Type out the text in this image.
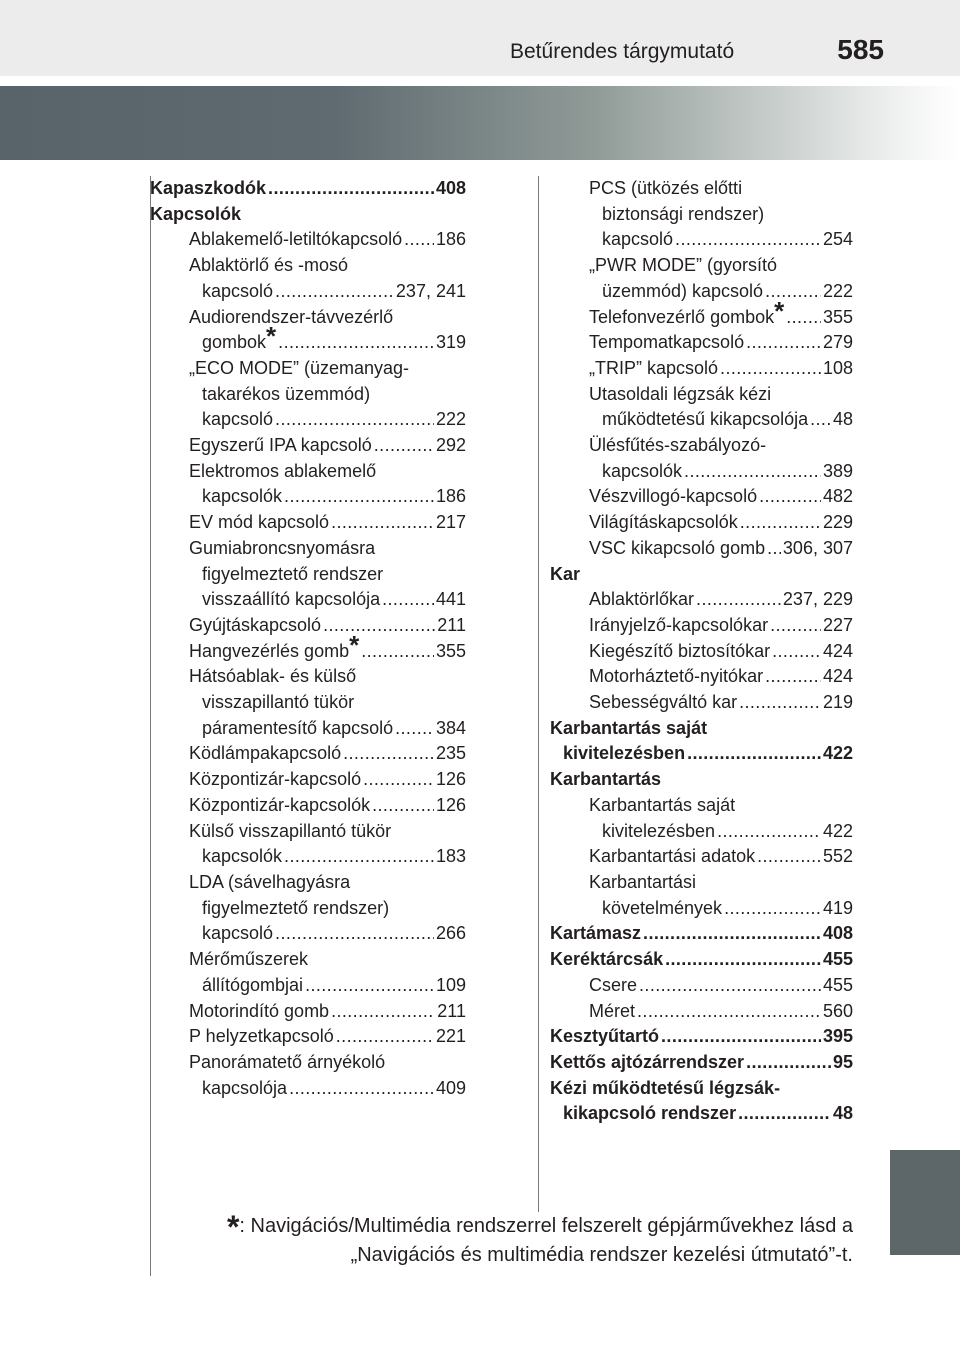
Betűrendes tárgymutató	585
Kapaszkodók .....	408
Kapcsolók
Ablakemelő-letiltókapcsoló ..... 186
Ablaktörlő és -mosó
kapcsoló .....	237, 241
Audiorendszer-távvezérlő
gombok* .....	319
„ECO MODE” (üzemanyag-
takarékos üzemmód)
kapcsoló .....	222
Egyszerű IPA kapcsoló .....	292
Elektromos ablakemelő
kapcsolók .....	186
EV mód kapcsoló .....	217
Gumiabroncsnyomásra
figyelmeztető rendszer
visszaállító kapcsolója .....	441
Gyújtáskapcsoló .....	211
Hangvezérlés gomb* .....	355
Hátsóablak- és külső
visszapillantó tükör
páramentesítő kapcsoló ..... 384
Ködlámpakapcsoló .....	235
Központizár-kapcsoló .....	126
Központizár-kapcsolók .....	126
Külső visszapillantó tükör
kapcsolók .....	183
LDA (sávelhagyásra
figyelmeztető rendszer)
kapcsoló .....	266
Mérőműszerek
állítógombjai .....	109
Motorindító gomb .....	211
P helyzetkapcsoló .....	221
Panorámatető árnyékoló
kapcsolója .....	409
PCS (ütközés előtti
biztonsági rendszer)
kapcsoló .....	254
„PWR MODE” (gyorsító
üzemmód) kapcsoló .....	222
Telefonvezérlő gombok* ..... 355
Tempomatkapcsoló .....	279
„TRIP” kapcsoló .....	108
Utasoldali légzsák kézi
működtetésű kikapcsolója ..... 48
Ülésfűtés-szabályozó-
kapcsolók .....	389
Vészvillogó-kapcsoló .....	482
Világításkapcsolók .....	229
VSC kikapcsoló gomb ..... 306, 307
Kar
Ablaktörlőkar .....	237, 229
Irányjelző-kapcsolókar .....	227
Kiegészítő biztosítókar .....	424
Motorháztető-nyitókar .....	424
Sebességváltó kar .....	219
Karbantartás saját
kivitelezésben .....	422
Karbantartás
Karbantartás saját
kivitelezésben .....	422
Karbantartási adatok .....	552
Karbantartási
követelmények .....	419
Kartámasz .....	408
Keréktárcsák .....	455
Csere .....	455
Méret .....	560
Kesztyűtartó .....	395
Kettős ajtózárrendszer .....	95
Kézi működtetésű légzsák-
kikapcsoló rendszer .....	48
*: Navigációs/Multimédia rendszerrel felszerelt gépjárművekhez lásd a
„Navigációs és multimédia rendszer kezelési útmutató”-t.
